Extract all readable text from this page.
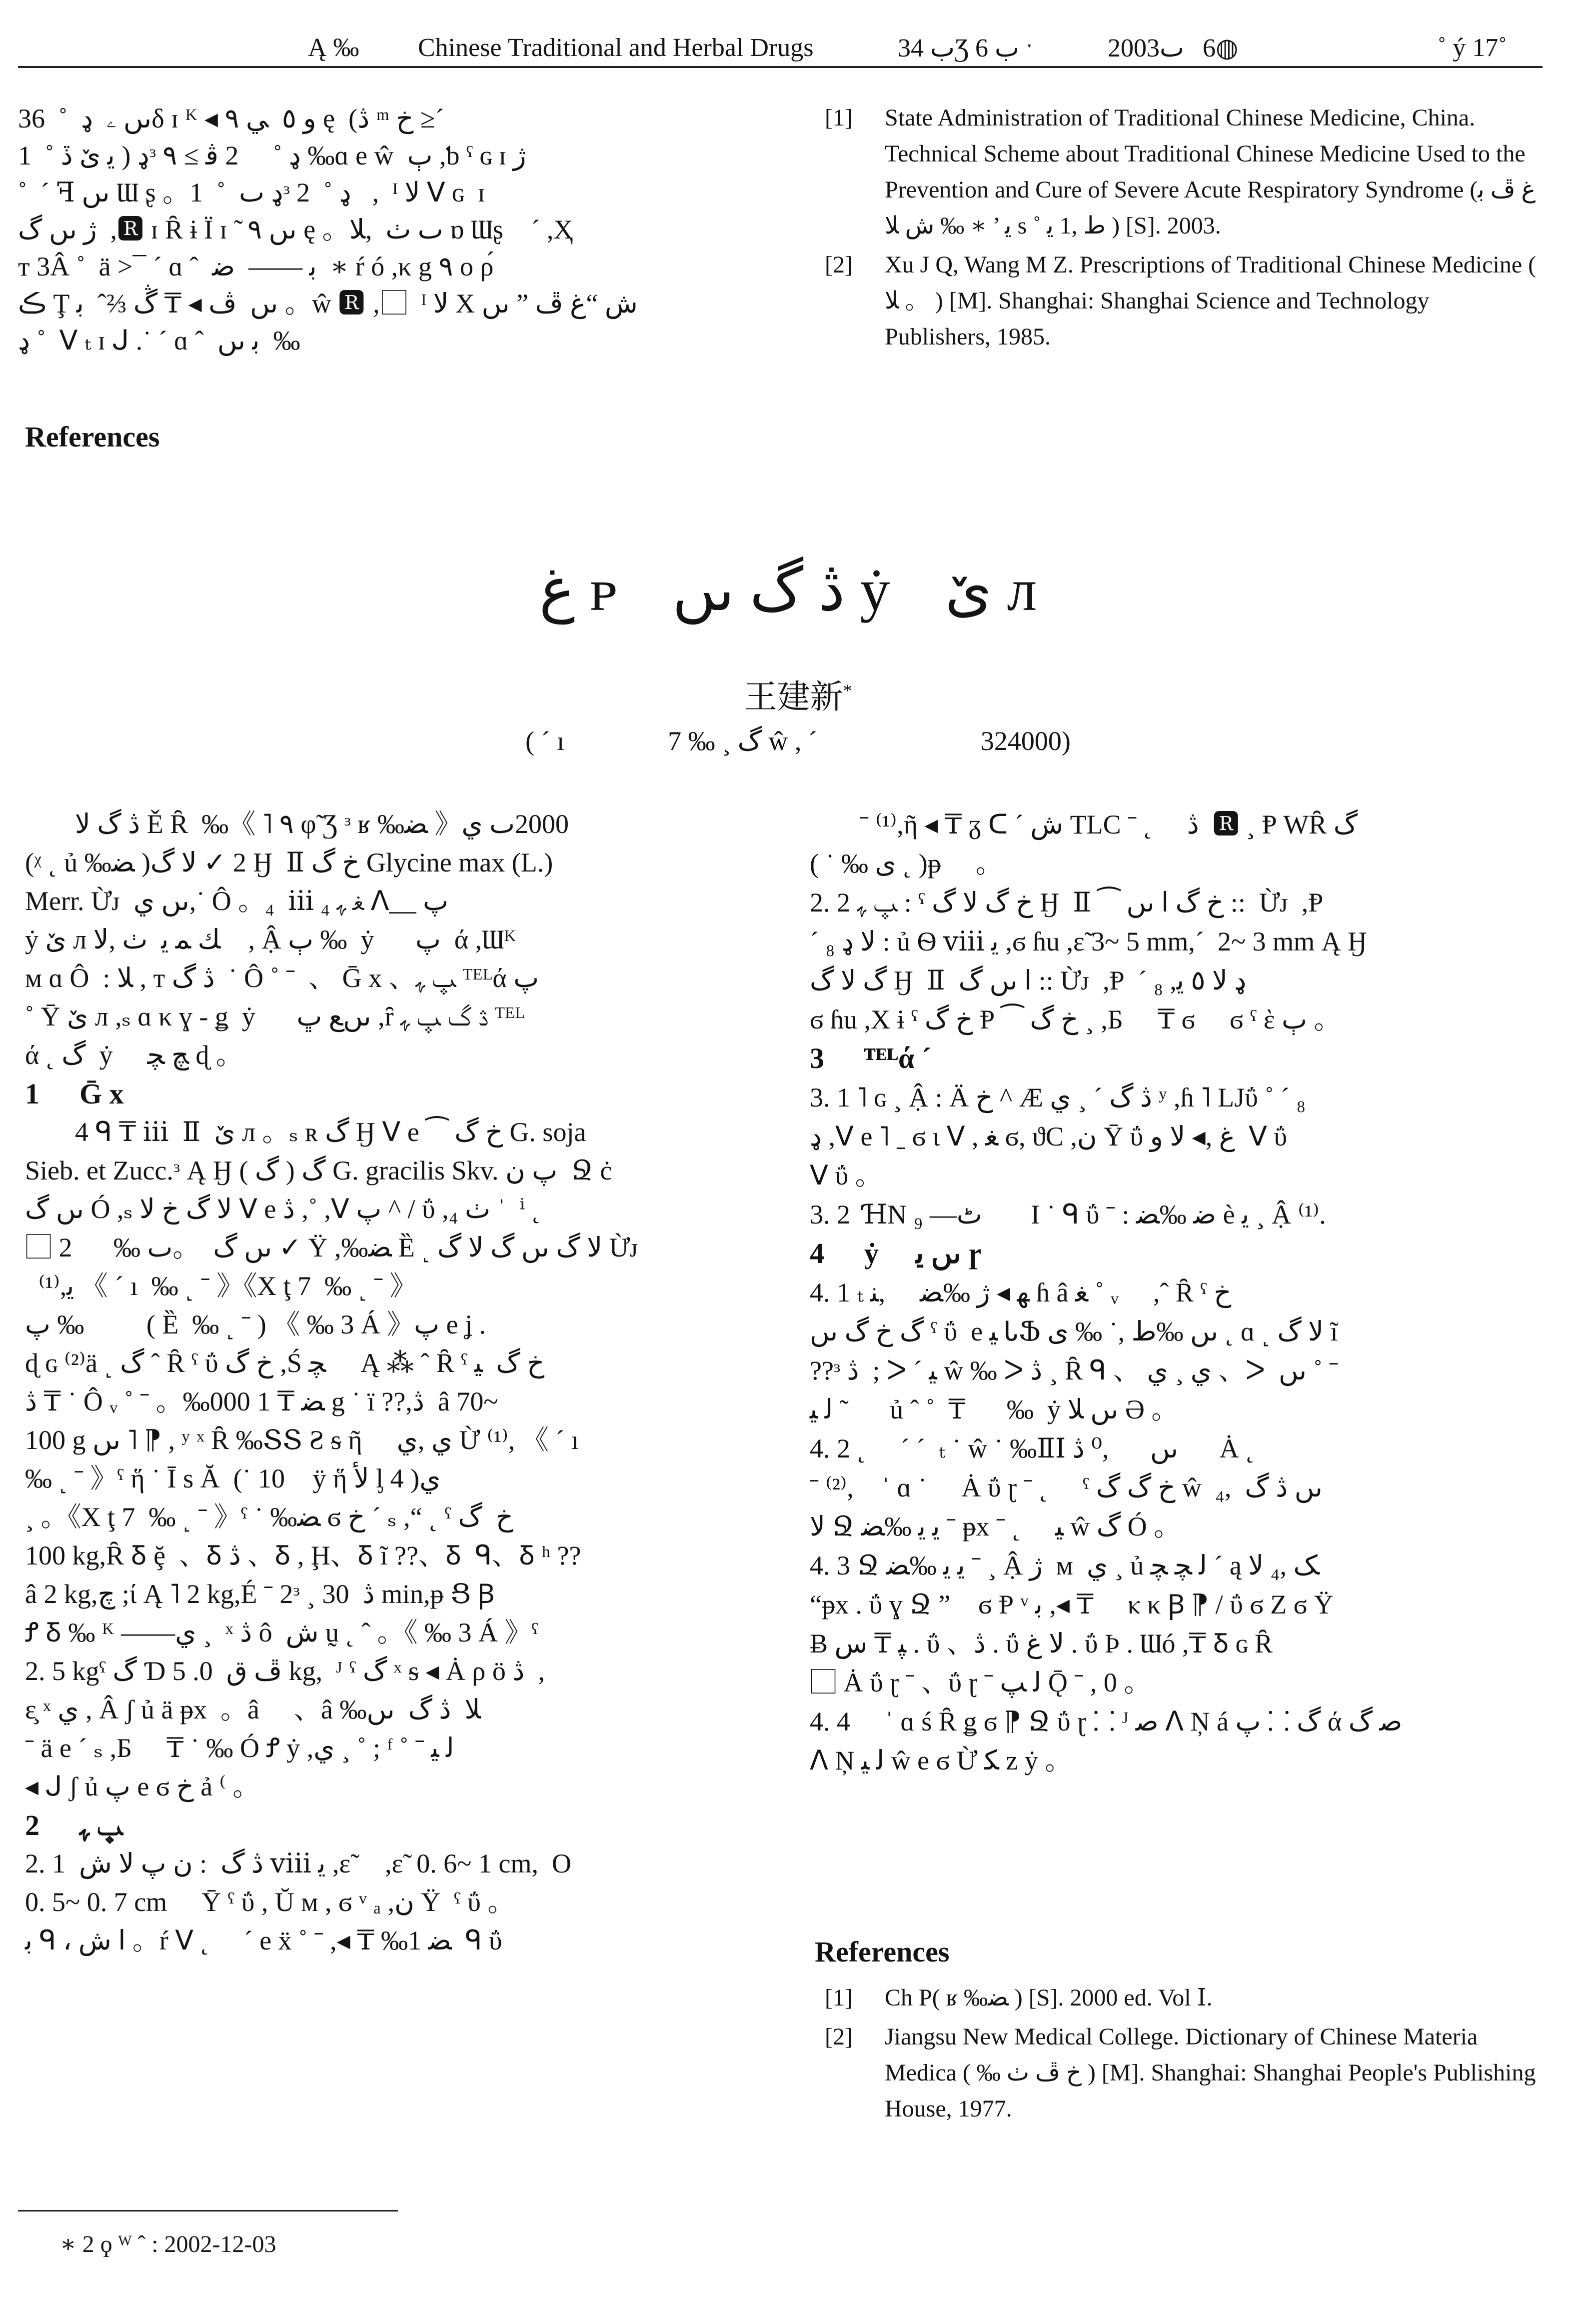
Ą ‰ Chinese Traditional and Herbal Drugs	ب 34Ʒ ب 6 ˑ	2003ٮ 6◍	˚ ý 17˚
ىں ۦ  ډ  ˚  36δ ɪ ᴷ ◂ ﻭ ٥  ﻲ ۹ ę  (ڎ ᵐ خ ≥´
ډ ( ﯾ ێ ڏ ˚  1ᵌ ډ ˚  2⃞ ﭬ ≥ ۹ ‰ɑ e ŵ  ٻ ,ƅ ˤ ɢ ɪ ژ
˚  ´ ꟻ ىں Ɯ ʂ 。ډ ٮ  ˚  1ᵌ ډ ˚  2,⃞  ᴵ ﻻ ᐯ ɢ  ɪ
ژ ىں گ  ,🆁 ɪ Ȓ ɨ Ï ɪ ̃  ىں ۹ ę 。ٮ ٺ  ,ﻼ ɒ Ɯʂ ⃞´ ,Ҳ
ᴛ 3Â ˚  ä >¯ ´ ɑ ˆ  ﺑ ——  ﺿ  ∗ ŕ ó ,κ g ۹ ο ρ́
ڪ Ţ ىں  ڤ ◂ ₸ ڴ ⅔ˆ  ﺑ 。ŵ 🆁 ,⃞  ᴵ ﻻ Χ ﺵ “ﻍ ڦ ” ىں
ډ ˚  ᐯ ₜ ɪ ᒍ .˙ ´ ɑ ˆ  ﺑ ىں  ‰
References

[1] State Administration of Traditional Chinese Medicine, China. Technical Scheme about Traditional Chinese Medicine Used to the Prevention and Cure of Severe Acute Respiratory Syndrome (ﻍ ڦ ﺑ ﯾ ’ ∗ ‰ ﺵ ﻼ s ˚ ﻁ ,1 ﯾ ) [S]. 2003.

[2] Xu J Q, Wang M Z. Prescriptions of Traditional Chinese Medicine ( ﻼ 。 ) [M]. Shanghai: Shanghai Science and Technology Publishers, 1985.

ﻍ ᴘ ڎ گ ىں ẏ ێ ᴫ
王建新*
( ´ ı	7 ‰ ¸ گ ŵ , ´	324000)

ڎ گ ﻻ Ě Ȓ  ‰《 ˥ ۹ φ̃ Ʒ ᵌ ʁ ‰ﻀ 》2000ٮ ي

(ᵡ ˛ ủ ‰ﻀ )2 ✓ ﻻ گ Ӈ  Ⅱ خ گ Glycine max (L.)

Merr. Ừᴊ  ىں ي,˙ Ô 。₄  ⅲ ₄ ﻐ ﮩ ᐱ__ ﭖ

ẏ ێ ᴫ ﻚ ﻤ ﯾ  ٺ ,ﻻ ,⃞ Ậ ٻ ‰  ẏ ⃞  ﭖ  ά ,Ɯᴷ

ᴍ ɑ Ô  : ﻼ , ᴛ ڎ گ  ˙ Ô ˚ ˉ  、 Ḡ x 、ﭛ ﮩ ᵀᴱᴸά ﭖ

˚ Ȳ ێ ᴫ ,ₛ ɑ κ ɣ - ǥ  ẏ ⃞  ىںﻊ ﭚ ,ȓ ڎ گ ﭛ ﮩ ᵀᴱᴸ

ά ˛ گ  ẏ ⃞ ﭻ ﭽ ɖ 。

1 Ḡ x

4 ᑫ ₸ ⅲ  Ⅱ  ێ ᴫ 。ₛ ʀ گ Ӈ ᐯ e ⁀ خ گ G. soja

Sieb. et Zucc.ᵌ Ą Ӈ گ ( گ ) G. gracilis Skv. ﭖ ﻥ  Ջ ċ

ىں گ Ó ,ₛ ﻻ گ خ ﻻ ᐯ e ڎ ,˚ ,ᐯ ﭖ ^ / ΰ ,₄ ٺ ˈ  ⁱ ˛

⃞ ىں گ  。ٮ ‰ ⃞  2 ✓ Ÿ ,‰ﻀ Ȅ ˻ ﻻ گ ىں گ ﻻ گ Ừᴊ

⁽¹⁾,ﯾ 《 ˊ ı  ‰ ˻ ˉ 》《Χ ţ 7  ‰ ˻ ˉ 》

ﭖ ‰ ⃞  (⃞ Ȅ  ‰ ˻ ˉ ) 《 ‰ 3 Á 》ﭖ e ʝ .

ɖ ɢ ⁽²⁾ä ˻ گ ˆ Ȓ ˤ ΰ خ گ ,Ś ﭽ ⃞ Ą ⁂ ˆ Ȓ ˤ خ گ  ﻴ

ڎ ₸ ˙ Ô ᵥ ˚ ˉ 。‰ﻀ ₸ 1 000 g ˙ ï ??,ڎ  â 70~

100 g ىں ˥ ⁋ , ʸ ˣ Ȓ ‰ՏՏ Ƨ ᵴ ῆ ⃞ ي ,ي Ừ ⁽¹⁾, 《 ˊ ı

‰ ˻ ˉ 》ˤ ἥ ˙ Ī s Ă  (˙ 10⃞ ÿ ἥ ﻷ ᶅ 4 )ي

¸ 。《Χ ţ 7  ‰ ˻ ˉ 》ˤ ˙ ‰ﻀ ϭ خ ˊ ₛ ,“ ˛ ˤ خ  گ

100 kg,Ȓ Ᵹ ḝ  、Ᵹ ڎ 、Ᵹ , Ḩ、Ᵹ ĩ ??、Ᵹ  ᑫ、Ᵹ ʰ ??

â 2 kg,ﭺ ;ί Ą ˥ 2 kg,É ˉ 2ᵌ ¸ ڎ  30 min,ᵽ Ց Ꞵ

Ꝭ Ᵹ ‰ ᴷ ——ي ¸  ˣ ڎ ô  ﺵ ṵ ˛ ˆ 。《 ‰ 3 Á 》ˤ

2. 5 kgˤ گ Ɗ ڦ ﻕ  0. 5 kg,  ᴶ ˤ گ ˣ ᵴ ◂ Ȧ ρ ö ڎ  ,

ɛ̧ ˣ ي , Â ʃ ủ ä ᵽx  。â ⃞ 、â ‰ﻼ  ڎ گ  ىں

ˉ ä e ´ ₛ ,Ƃ ⃞ ₸ ˙ ‰ Ó Ꝭ ẏ ,ي ¸ ˚ ; ᶠ ˚ ˉ ﻟ ﻴ

◂ ᒍ ʃ ủ ﭖ e ϭ خ ả ⁽ 。

2 ﭛ ﮩ ⃞

2. 1  ڎ گ  : ﻥ ﭖ ﻻ ﺵ ⅷ ﯾ ,ɛ̃ ⃞ ,ɛ̃  0. 6~ 1 cm,  Ο

0. 5~ 0. 7 cm ⃞ Ȳ ˤ ΰ , Ŭ ᴍ , ϭ ᵛ ₐ ,ﻥ Ÿ  ˤ ΰ 。

ﺑ ᑫ ، ﺍ ﺵ 。ŕ ᐯ ˛ ⃞ ˊ e ẍ ˚ ˉ ,◂ ₸ ‰ﻀ 1  ᑫ ΰ

ˉ ⁽¹⁾,ῆ ◂ ₸ ᵹ ᑕ ˊ ﺵ TLC ˉ ˛ ⃞ ڎ  🆁 ¸ Ᵽ WȒ گ

( ˙ ‰ ى ˛ )ᵽ ⃞ 。

2. 2 ﭛ ﮩ : ˤ خ گ ﻻ گ Ӈ  Ⅱ ⁀ خ گ ﺍ ىں ::  Ừᴊ  ,Ᵽ

´ ₈ ﻻ ډ : ủ Ѳ ⅷ ﯾ ,ϭ ɦu ,ɛ̃ 3~ 5 mm,ˊ  2~ 3 mm Ą Ӈ

گ ﻻ گ Ӈ  Ⅱ  ﺍ ىں گ :: Ừᴊ  ,Ᵽ  ´ ₈ ,ډ ﻻ ٥ ﯾ

ϭ ɦu ,Χ ɨ ˤ خ گ Ᵽ ⁀ خ گ ¸ ,Ƃ ⃞ ₸ ϭ ⃞ ϭ ˤ ὲ ٻ 。

3 ᵀᴱᴸά ´

3. 1 ˥ ɢ ¸ Ậ : Ä خ ^ Æ ڎ گ ˊ ¸ ي ʸ ,ɦ ˥ LJΰ ˚ ´ ₈

ډ ,ᐯ e ˥ ˍ ϭ ɩ ᐯ , ﻐ ϭ, ϑϹ ,ﻥ Ȳ ΰ ﻍ ,◂ ﻻ ﻭ  ᐯ ΰ

ᐯ ΰ 。

3. 2  ꞪN ₉ —ٹ ⃞ⓀI ˙ ᑫ ΰ ˉ : ﺿ ‰ﻀ è ﯾ ¸ Ậ ⁽¹⁾.

4 ẏ ⃞ ىں ﯾ ɼ

4. 1 ₜ ﻬ ◂ ژ ‰ﻀ ⃞ ,ﻨ ɦ â ﻐ ˚ ᵥ ⃞ ,ˆ Ȓ ˤ خ

گ خ گ ىں ˤ ΰ  e ﻴ ᏓՖ ىں ‰ﻁ ,˙ ‰ ى ˛ ɑ ˻ ﻻ گ ĩ

??ᵌ ڎ  ; ᐳ ˊ ﻴ ŵ ‰ ᐳ ڎ ¸ Ȓ ᑫ 、 ي ¸ ي 、ᐳ  ىں ˚ ˉ

ﻟ ﻴ ˜  ⃞ ủ ˆ ˚  ₸ ⃞  ‰  ẏ ىں ﻼ Ә 。

4. 2 ˛ ⃞ ´ ˊ  ₜ ˙ ŵ ˙ ‰ⅡⅠ ىں  ⃞ ,⁰ ڎ  ⃞ Ȧ ˛ ⃞

ˉ ⁽²⁾,⃞ ˈ ɑ ˙ ⃞ Ȧ ΰ ɽ ˉ ˛ ⃞ ˤ خ گ گ ŵ  ىں ڎ گ  ,₄

ﻻ Ջ ﯾ ﯾ ‰ﻀ ˉ ᵽx ˉ ˛ ⃞ ﻴ ŵ گ Ó 。

4. 3 Ջ ﯾ ﯾ ‰ﻀ ˉ ¸ Ậ ژ  ᴍ  ي ¸ ủ ﻟ ﭽ ﭽ ˊ ą ﮏ ,₄ ﻻ

“ᵽx . ΰ ɣ Ջ ”⃞ ϭ Ᵽ ᵛ ﺑ ,◂ ₸ ⃞ ⲕ κ Ꞵ ⁋ / ΰ ϭ Ζ ϭ Ÿ

Ƀ ﭙ ₸ ﺱ . ΰ 、ڎ . ΰ ﻻ ﻍ . ΰ Þ . Ɯó ,₸ Ᵹ ɢ Ȓ

⃞ Ȧ ΰ ɽ ˉ 、ΰ ɽ ˉ ﻟ ﭗ Ǭ ˉ , 0 。

4. 4 ⃞ ˈ ɑ ś Ȓ ǥ ϭ ⁋ Ջ ΰ ɽ ⸬ ᴶ ﺻ ᐱ Ņ á ﮒ ⸬ ﭖ ά ﺻ گ

ᐱ Ņ ﻟ ﻴ ŵ e ϭ Ừ ﻜ z ẏ 。

References

[1] Ch P( ʁ ‰ﻀ ) [S]. 2000 ed. Vol Ⅰ.

[2] Jiangsu New Medical College. Dictionary of Chinese Materia Medica ( ‰ خ ڦ ٺ ) [M]. Shanghai: Shanghai People's Publishing House, 1977.

∗ 2 ϙ ᵂ ˆ : 2002-12-03
